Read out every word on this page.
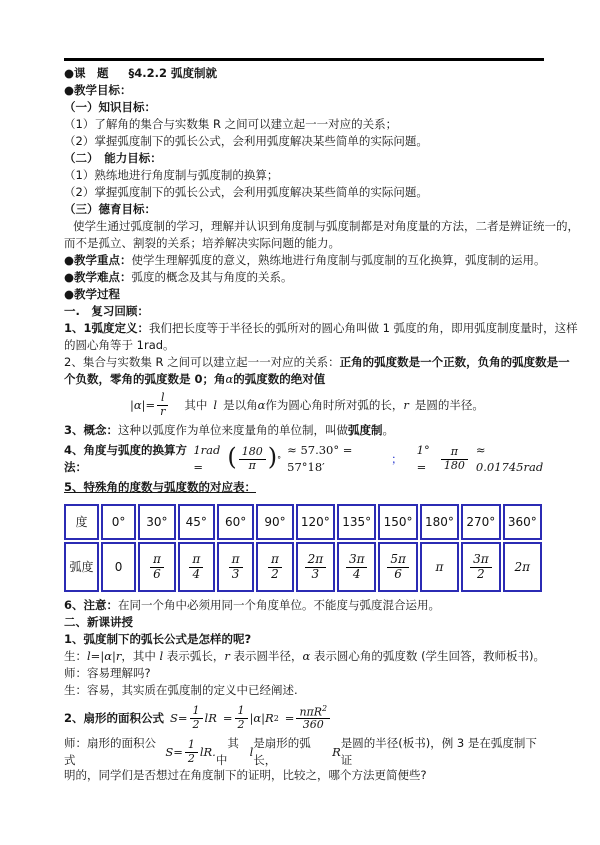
●课　题 §4.2.2 弧度制就
●教学目标：
（一）知识目标：
（1）了解角的集合与实数集 R 之间可以建立起一一对应的关系；
（2）掌握弧度制下的弧长公式，会利用弧度解决某些简单的实际问题。
（二）　能力目标：
（1）熟练地进行角度制与弧度制的换算；
（2）掌握弧度制下的弧长公式，会利用弧度解决某些简单的实际问题。
（三）德育目标：
使学生通过弧度制的学习，理解并认识到角度制与弧度制都是对角度量的方法，二者是辨证统一的，
而不是孤立、割裂的关系；培养解决实际问题的能力。
●教学重点：使学生理解弧度的意义，熟练地进行角度制与弧度制的互化换算，弧度制的运用。
●教学难点：弧度的概念及其与角度的关系。
●教学过程
一.　复习回顾：
1、1弧度定义：我们把长度等于半径长的弧所对的圆心角叫做 1 弧度的角，即用弧度制度量时，这样
的圆心角等于 1rad。
2、集合与实数集 R 之间可以建立起一一对应的关系：正角的弧度数是一个正数，负角的弧度数是一
个负数，零角的弧度数是 0；角α的弧度数的绝对值
$|\alpha|= \frac{l}{r}$ 其中 l 是以角 α 作为圆心角时所对弧的长， r 是圆的半径。
3、概念：这种以弧度作为单位来度量角的单位制，叫做弧度制。
4、角度与弧度的换算方法：
1rad =	( $\frac{180}{\pi}$ ) °
≈ 57.30° = 57°18′
；
1° =	$\frac{\pi}{180} \approx 0.01745rad$
5、特殊角的度数与弧度数的对应表：
度	0°	30°	45°	60°	90°	120°	135°	150°	180°	270°	360°
弧度	0	$\frac{\pi}{6}$	$\frac{\pi}{4}$	$\frac{\pi}{3}$	$\frac{\pi}{2}$	$\frac{2\pi}{3}$	$\frac{3\pi}{4}$	$\frac{5\pi}{6}$	π	$\frac{3\pi}{2}$	2π
6、注意：在同一个角中必须用同一个角度单位。不能度与弧度混合运用。
二、新课讲授
1、弧度制下的弧长公式是怎样的呢?
生：l=|α|r，其中 l 表示弧长，r 表示圆半径，α 表示圆心角的弧度数 (学生回答，教师板书)。
师：容易理解吗?
生：容易，其实质在弧度制的定义中已经阐述.
2、扇形的面积公式 $S= \frac{1}{2}$ lR = $\frac{1}{2} |\alpha|R$ $2 = \frac{n\pi R^2}{360}$
师：扇形的面积公式
$S= \frac{1}{2}$ lR.
　其中
l
是扇形的弧长，
R
是圆的半径(板书)，例 3 是在弧度制下证
明的，同学们是否想过在角度制下的证明，比较之，哪个方法更简便些?
